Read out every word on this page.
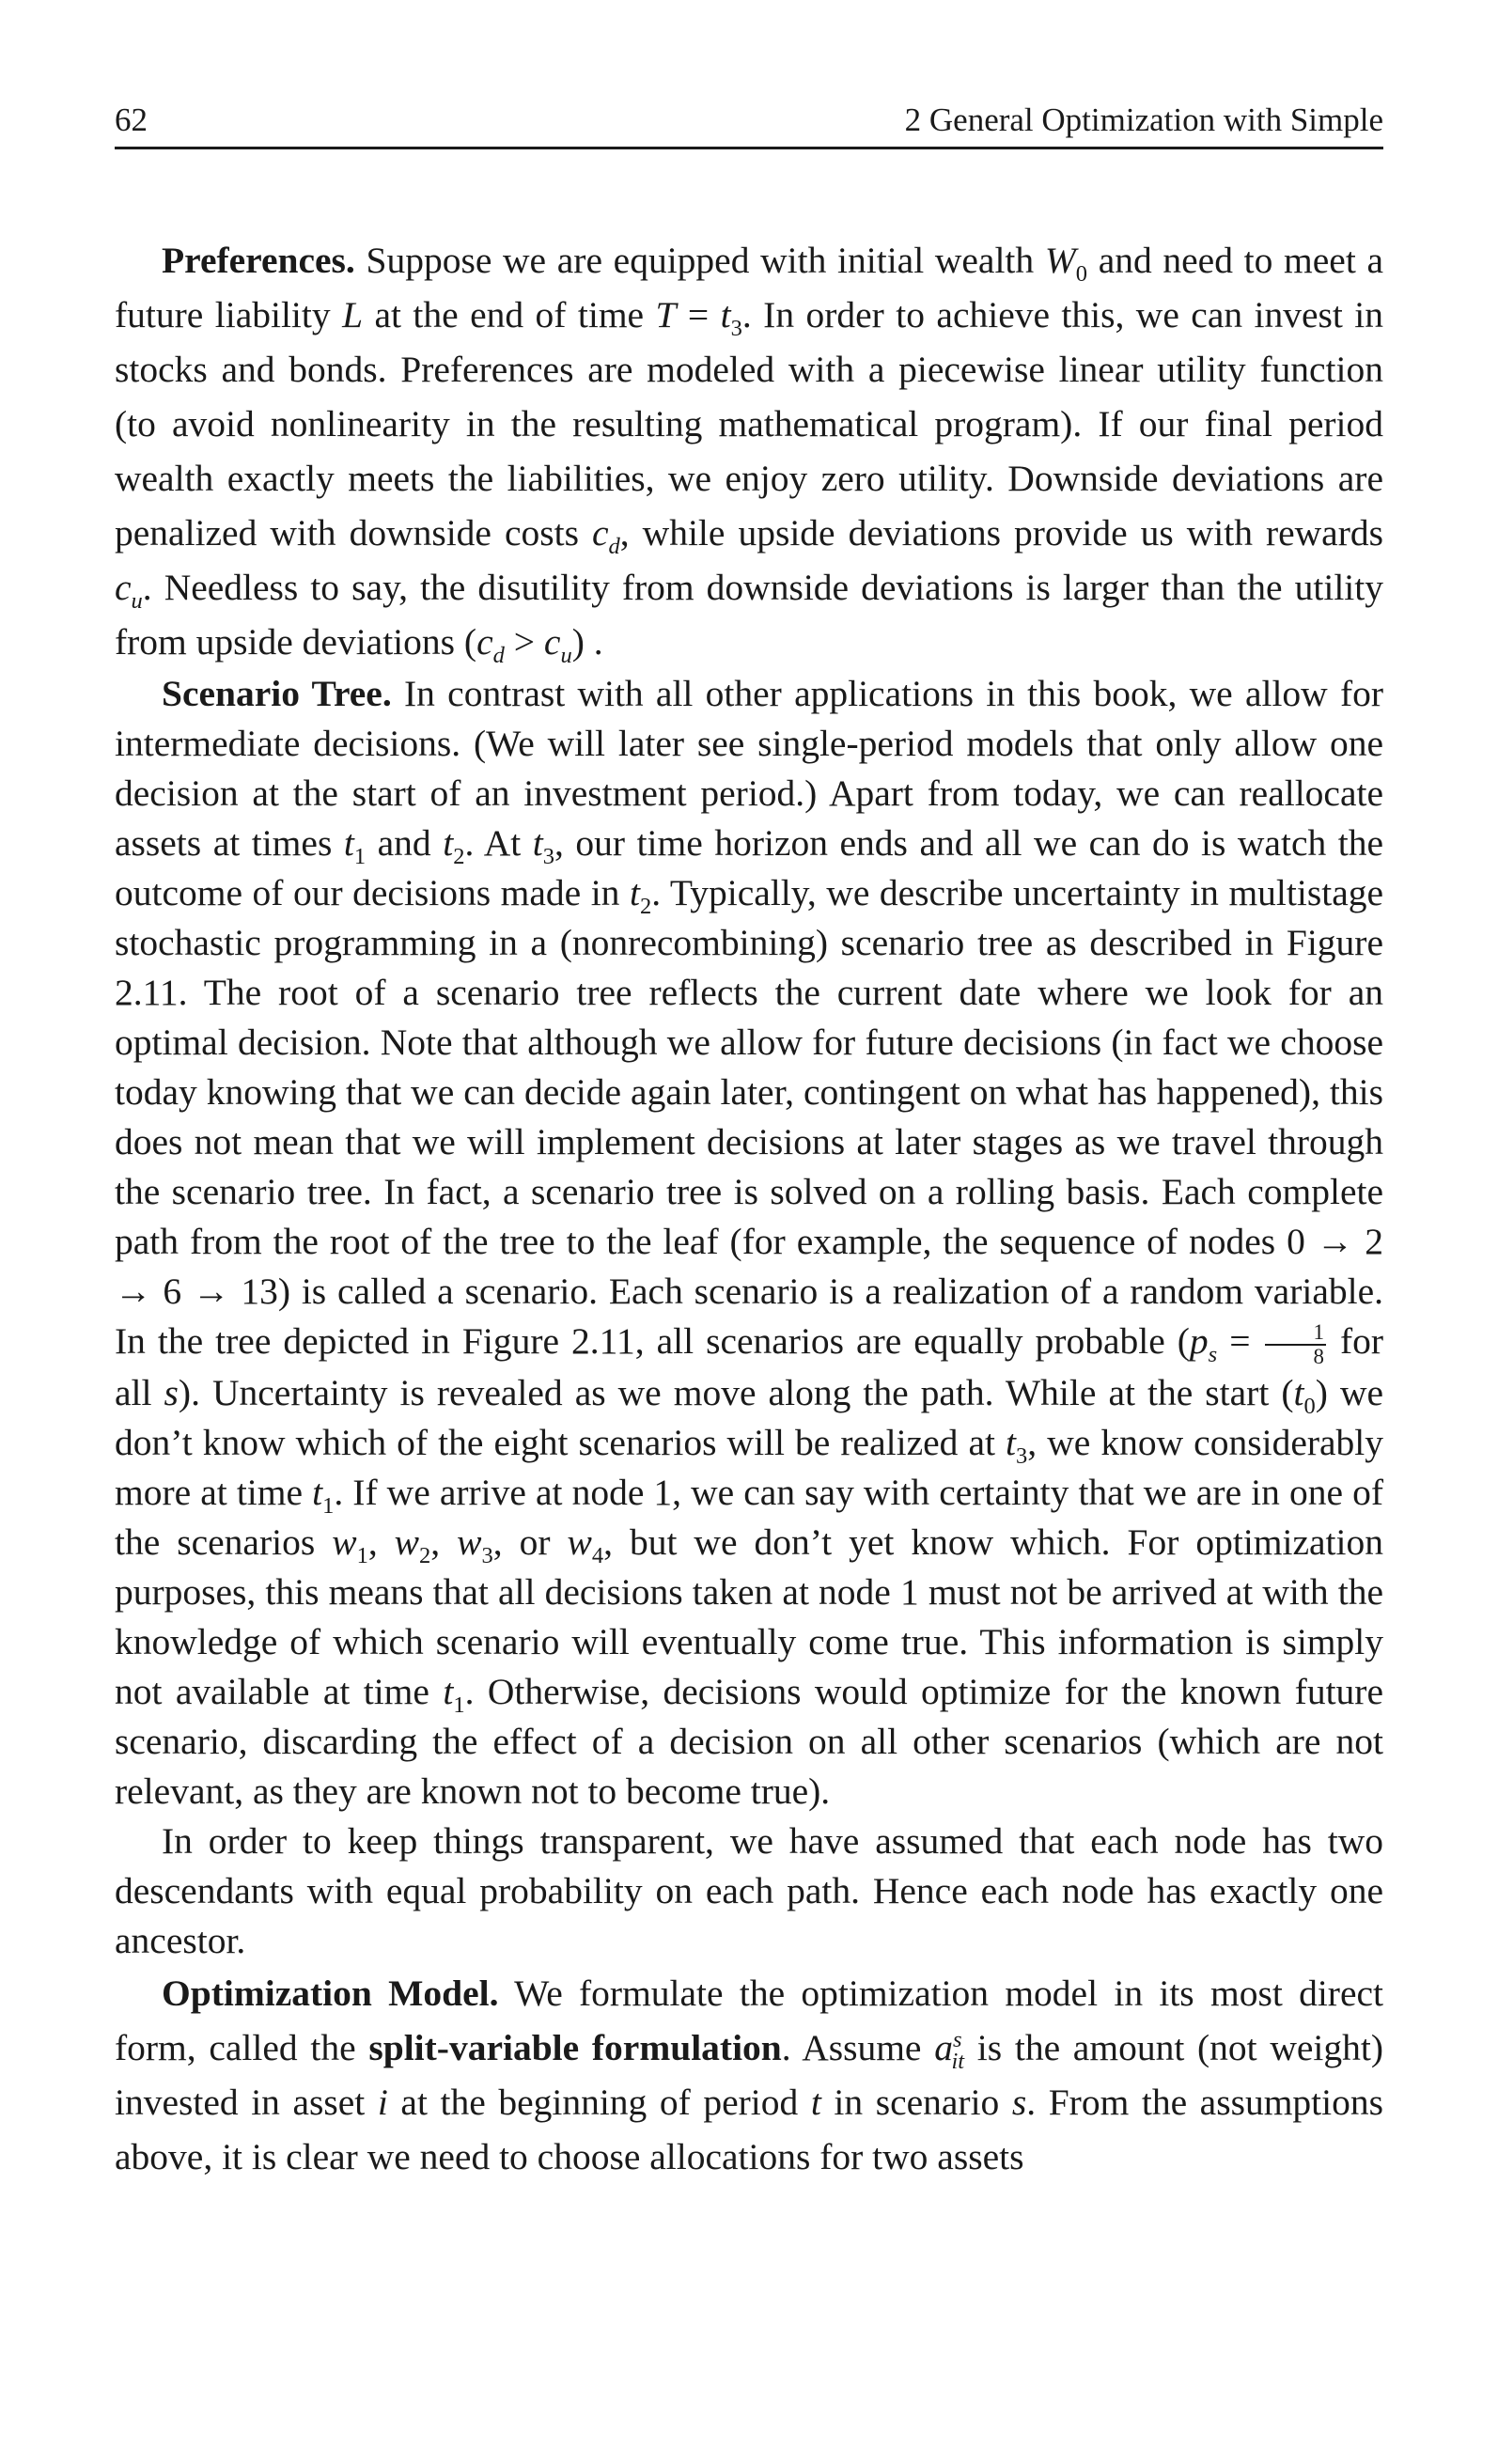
62	2 General Optimization with Simple

Preferences. Suppose we are equipped with initial wealth $W_0$ and need to meet a future liability L at the end of time $T = t_3$. In order to achieve this, we can invest in stocks and bonds. Preferences are modeled with a piecewise linear utility function (to avoid nonlinearity in the resulting mathematical program). If our final period wealth exactly meets the liabilities, we enjoy zero utility. Downside deviations are penalized with downside costs $c_d$, while upside deviations provide us with rewards $c_u$. Needless to say, the disutility from downside deviations is larger than the utility from upside deviations $(c_d > c_u)$ .

Scenario Tree. In contrast with all other applications in this book, we allow for intermediate decisions. (We will later see single-period models that only allow one decision at the start of an investment period.) Apart from today, we can reallocate assets at times $t_1$ and $t_2$. At $t_3$, our time horizon ends and all we can do is watch the outcome of our decisions made in $t_2$. Typically, we describe uncertainty in multistage stochastic programming in a (nonrecombining) scenario tree as described in Figure 2.11. The root of a scenario tree reflects the current date where we look for an optimal decision. Note that although we allow for future decisions (in fact we choose today knowing that we can decide again later, contingent on what has happened), this does not mean that we will implement decisions at later stages as we travel through the scenario tree. In fact, a scenario tree is solved on a rolling basis. Each complete path from the root of the tree to the leaf (for example, the sequence of nodes 0 → 2 → 6 → 13) is called a scenario. Each scenario is a realization of a random variable. In the tree depicted in Figure 2.11, all scenarios are equally probable ($p_s = \frac{1}{8}$ for all s). Uncertainty is revealed as we move along the path. While at the start $(t_0)$ we don’t know which of the eight scenarios will be realized at $t_3$, we know considerably more at time $t_1$. If we arrive at node 1, we can say with certainty that we are in one of the scenarios $w_1$, $w_2$, $w_3$, or $w_4$, but we don’t yet know which. For optimization purposes, this means that all decisions taken at node 1 must not be arrived at with the knowledge of which scenario will eventually come true. This information is simply not available at time $t_1$. Otherwise, decisions would optimize for the known future scenario, discarding the effect of a decision on all other scenarios (which are not relevant, as they are known not to become true).

In order to keep things transparent, we have assumed that each node has two descendants with equal probability on each path. Hence each node has exactly one ancestor.

Optimization Model. We formulate the optimization model in its most direct form, called the split-variable formulation. Assume $a^s_{it}$ is the amount (not weight) invested in asset i at the beginning of period t in scenario s. From the assumptions above, it is clear we need to choose allocations for two assets
